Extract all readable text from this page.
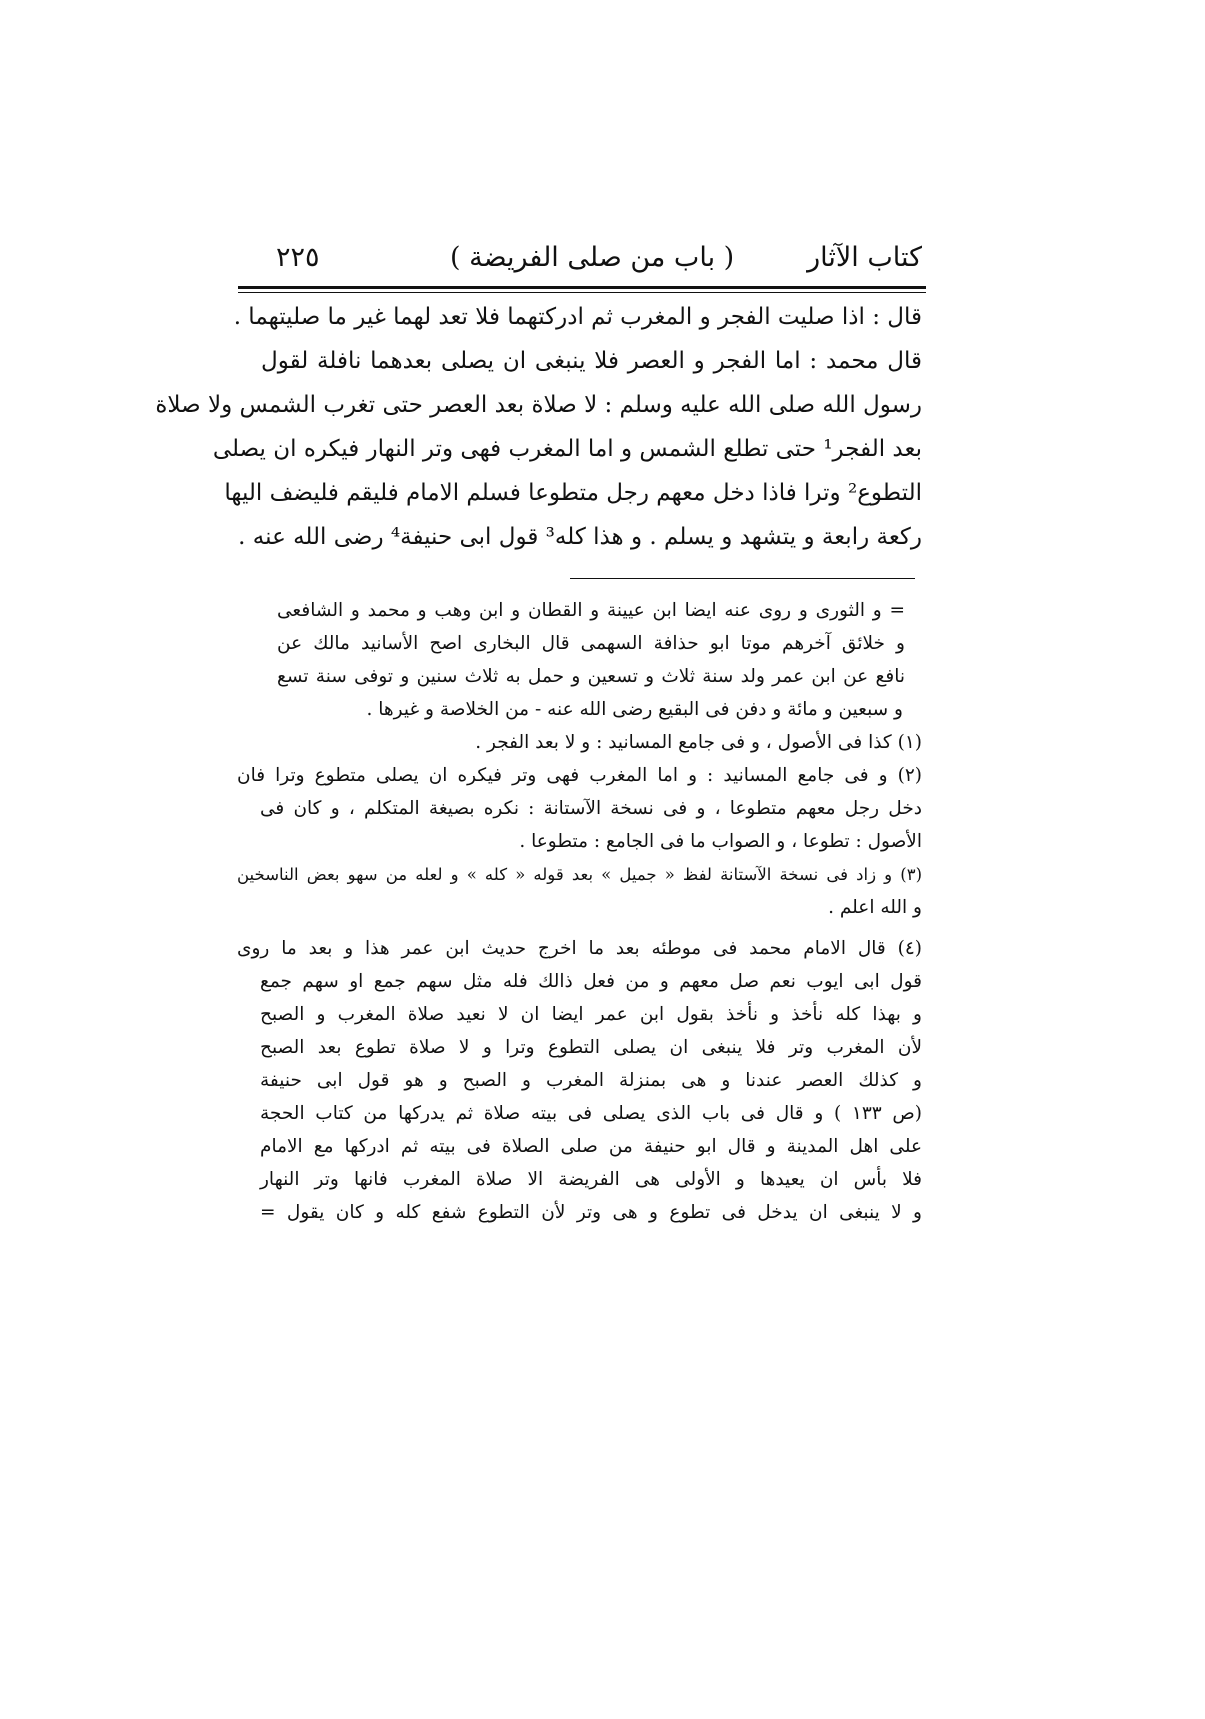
كتاب الآثار
( باب من صلى الفريضة )
٢٢٥
قال : اذا صليت الفجر و المغرب ثم ادركتهما فلا تعد لهما غير ما صليتهما .
قال محمد : اما الفجر و العصر فلا ينبغى ان يصلى بعدهما نافلة لقول
رسول الله صلى الله عليه وسلم : لا صلاة بعد العصر حتى تغرب الشمس ولا صلاة
بعد الفجر¹ حتى تطلع الشمس و اما المغرب فهى وتر النهار فيكره ان يصلى
التطوع² وترا فاذا دخل معهم رجل متطوعا فسلم الامام فليقم فليضف اليها
ركعة رابعة و يتشهد و يسلم . و هذا كله³ قول ابى حنيفة⁴ رضى الله عنه .
= و الثورى و روى عنه ايضا ابن عيينة و القطان و ابن وهب و محمد و الشافعى
و خلائق آخرهم موتا ابو حذافة السهمى قال البخارى اصح الأسانيد مالك عن
نافع عن ابن عمر ولد سنة ثلاث و تسعين و حمل به ثلاث سنين و توفى سنة تسع
و سبعين و مائة و دفن فى البقيع رضى الله عنه - من الخلاصة و غيرها .
(١) كذا فى الأصول ، و فى جامع المسانيد : و لا بعد الفجر .
(٢) و فى جامع المسانيد : و اما المغرب فهى وتر فيكره ان يصلى متطوع وترا فان
دخل رجل معهم متطوعا ، و فى نسخة الآستانة : نكره بصيغة المتكلم ، و كان فى
الأصول : تطوعا ، و الصواب ما فى الجامع : متطوعا .
(٣) و زاد فى نسخة الآستانة لفظ « جميل » بعد قوله « كله » و لعله من سهو بعض الناسخين
و الله اعلم .
(٤) قال الامام محمد فى موطئه بعد ما اخرج حديث ابن عمر هذا و بعد ما روى
قول ابى ايوب نعم صل معهم و من فعل ذالك فله مثل سهم جمع او سهم جمع
و بهذا كله نأخذ و نأخذ بقول ابن عمر ايضا ان لا نعيد صلاة المغرب و الصبح
لأن المغرب وتر فلا ينبغى ان يصلى التطوع وترا و لا صلاة تطوع بعد الصبح
و كذلك العصر عندنا و هى بمنزلة المغرب و الصبح و هو قول ابى حنيفة
(ص ١٣٣ ) و قال فى باب الذى يصلى فى بيته صلاة ثم يدركها من كتاب الحجة
على اهل المدينة و قال ابو حنيفة من صلى الصلاة فى بيته ثم ادركها مع الامام
فلا بأس ان يعيدها و الأولى هى الفريضة الا صلاة المغرب فانها وتر النهار
و لا ينبغى ان يدخل فى تطوع و هى وتر لأن التطوع شفع كله و كان يقول =
